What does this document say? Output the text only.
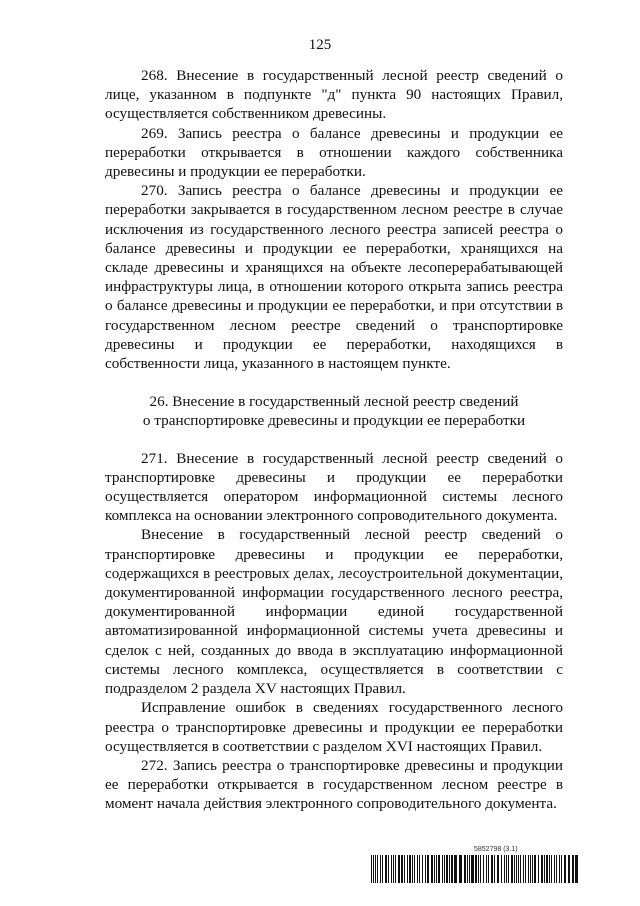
125

268. Внесение в государственный лесной реестр сведений о лице, указанном в подпункте "д" пункта 90 настоящих Правил, осуществляется собственником древесины.

269. Запись реестра о балансе древесины и продукции ее переработки открывается в отношении каждого собственника древесины и продукции ее переработки.

270. Запись реестра о балансе древесины и продукции ее переработки закрывается в государственном лесном реестре в случае исключения из государственного лесного реестра записей реестра о балансе древесины и продукции ее переработки, хранящихся на складе древесины и хранящихся на объекте лесоперерабатывающей инфраструктуры лица, в отношении которого открыта запись реестра о балансе древесины и продукции ее переработки, и при отсутствии в государственном лесном реестре сведений о транспортировке древесины и продукции ее переработки, находящихся в собственности лица, указанного в настоящем пункте.

26. Внесение в государственный лесной реестр сведений
о транспортировке древесины и продукции ее переработки

271. Внесение в государственный лесной реестр сведений о транспортировке древесины и продукции ее переработки осуществляется оператором информационной системы лесного комплекса на основании электронного сопроводительного документа.

Внесение в государственный лесной реестр сведений о транспортировке древесины и продукции ее переработки, содержащихся в реестровых делах, лесоустроительной документации, документированной информации государственного лесного реестра, документированной информации единой государственной автоматизированной информационной системы учета древесины и сделок с ней, созданных до ввода в эксплуатацию информационной системы лесного комплекса, осуществляется в соответствии с подразделом 2 раздела XV настоящих Правил.

Исправление ошибок в сведениях государственного лесного реестра о транспортировке древесины и продукции ее переработки осуществляется в соответствии с разделом XVI настоящих Правил.

272. Запись реестра о транспортировке древесины и продукции ее переработки открывается в государственном лесном реестре в момент начала действия электронного сопроводительного документа.

5852798 (3.1)
